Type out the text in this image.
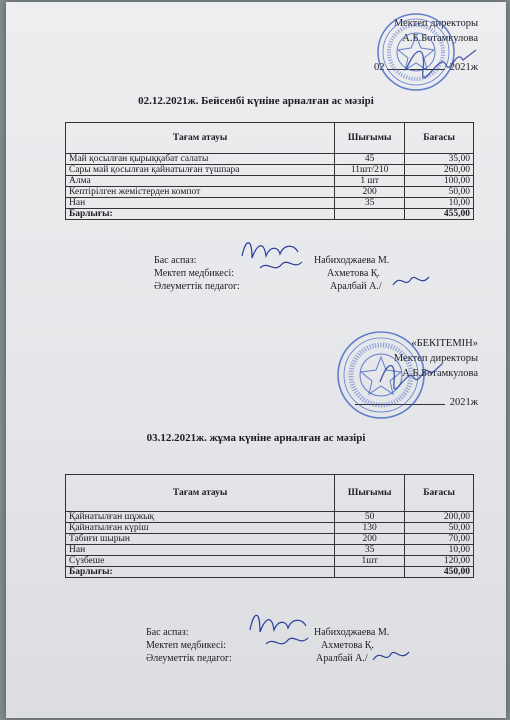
Мектеп директоры
А.Б.Ботамкулова
02	2021ж
02.12.2021ж. Бейсенбі күніне арналған ас мәзірі
Тағам атауы	Шығымы	Бағасы
Май қосылған қырыққабат салаты	45	35,00
Сары май қосылған қайнатылған түшпара	11шт/210	260,00
Алма	1 шт	100,00
Кептірілген жемістерден компот	200	50,00
Нан	35	10,00
Барлығы:		455,00
Бас аспаз:	Набиходжаева М.
Мектеп медбикесі:	Ахметова Қ.
Әлеуметтік педагог:	Аралбай А./
«БЕКІТЕМІН»
Мектеп директоры
А.Б.Ботамкулова
2021ж
03.12.2021ж. жұма күніне арналған ас мәзірі
Тағам атауы	Шығымы	Бағасы
Қайнатылған шұжық	50	200,00
Қайнатылған күріш	130	50,00
Табиғи шырын	200	70,00
Нан	35	10,00
Сүзбеше	1шт	120,00
Барлығы:		450,00
Бас аспаз:	Набиходжаева М.
Мектеп медбикесі:	Ахметова Қ.
Әлеуметтік педагог:	Аралбай А./
